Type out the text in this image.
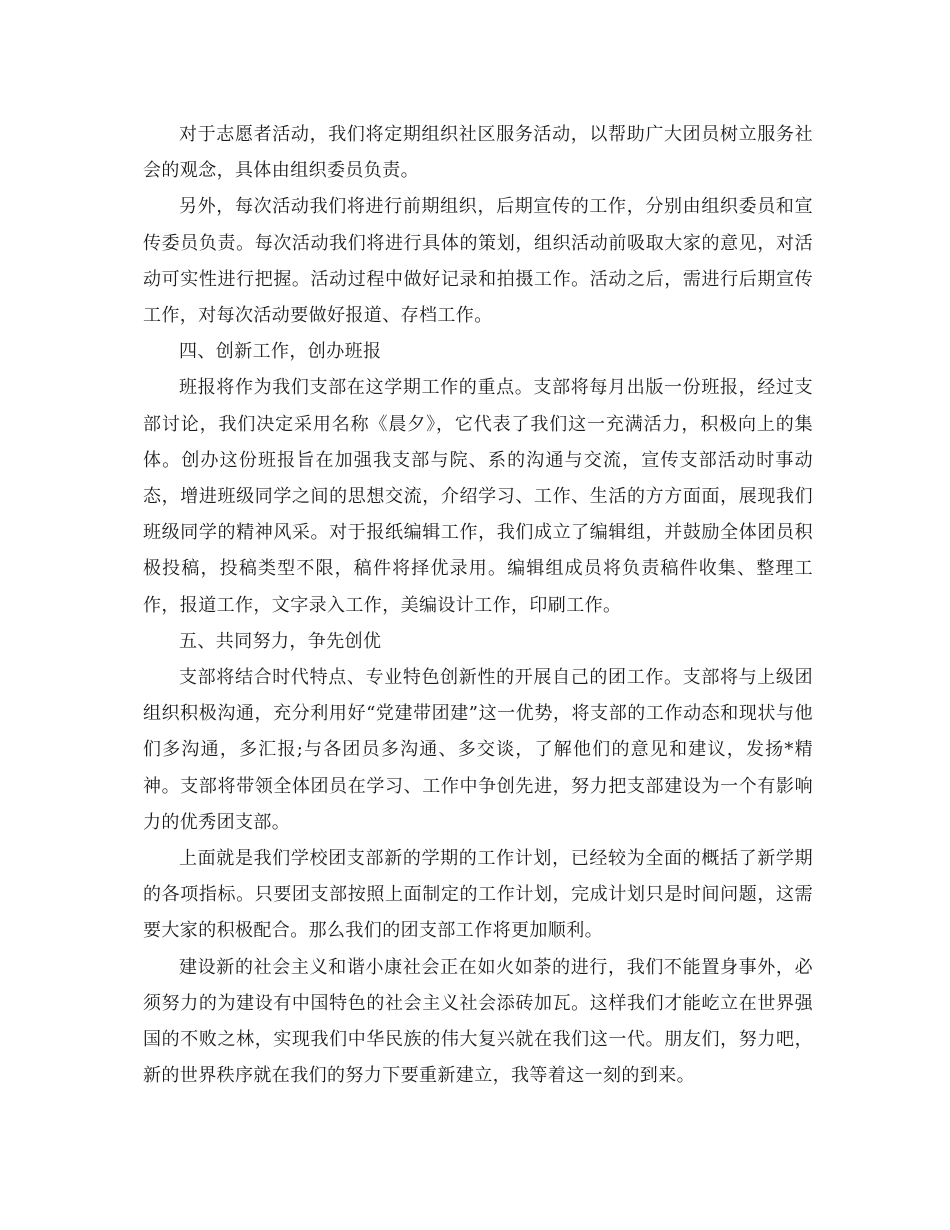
对于志愿者活动，我们将定期组织社区服务活动，以帮助广大团员树立服务社会的观念，具体由组织委员负责。

另外，每次活动我们将进行前期组织，后期宣传的工作，分别由组织委员和宣传委员负责。每次活动我们将进行具体的策划，组织活动前吸取大家的意见，对活动可实性进行把握。活动过程中做好记录和拍摄工作。活动之后，需进行后期宣传工作，对每次活动要做好报道、存档工作。

四、创新工作，创办班报

班报将作为我们支部在这学期工作的重点。支部将每月出版一份班报，经过支部讨论，我们决定采用名称《晨夕》，它代表了我们这一充满活力，积极向上的集体。创办这份班报旨在加强我支部与院、系的沟通与交流，宣传支部活动时事动态，增进班级同学之间的思想交流，介绍学习、工作、生活的方方面面，展现我们班级同学的精神风采。对于报纸编辑工作，我们成立了编辑组，并鼓励全体团员积极投稿，投稿类型不限，稿件将择优录用。编辑组成员将负责稿件收集、整理工作，报道工作，文字录入工作，美编设计工作，印刷工作。

五、共同努力，争先创优

支部将结合时代特点、专业特色创新性的开展自己的团工作。支部将与上级团组织积极沟通，充分利用好“党建带团建”这一优势，将支部的工作动态和现状与他们多沟通，多汇报;与各团员多沟通、多交谈，了解他们的意见和建议，发扬*精神。支部将带领全体团员在学习、工作中争创先进，努力把支部建设为一个有影响力的优秀团支部。

上面就是我们学校团支部新的学期的工作计划，已经较为全面的概括了新学期的各项指标。只要团支部按照上面制定的工作计划，完成计划只是时间问题，这需要大家的积极配合。那么我们的团支部工作将更加顺利。

建设新的社会主义和谐小康社会正在如火如荼的进行，我们不能置身事外，必须努力的为建设有中国特色的社会主义社会添砖加瓦。这样我们才能屹立在世界强国的不败之林，实现我们中华民族的伟大复兴就在我们这一代。朋友们，努力吧，新的世界秩序就在我们的努力下要重新建立，我等着这一刻的到来。
